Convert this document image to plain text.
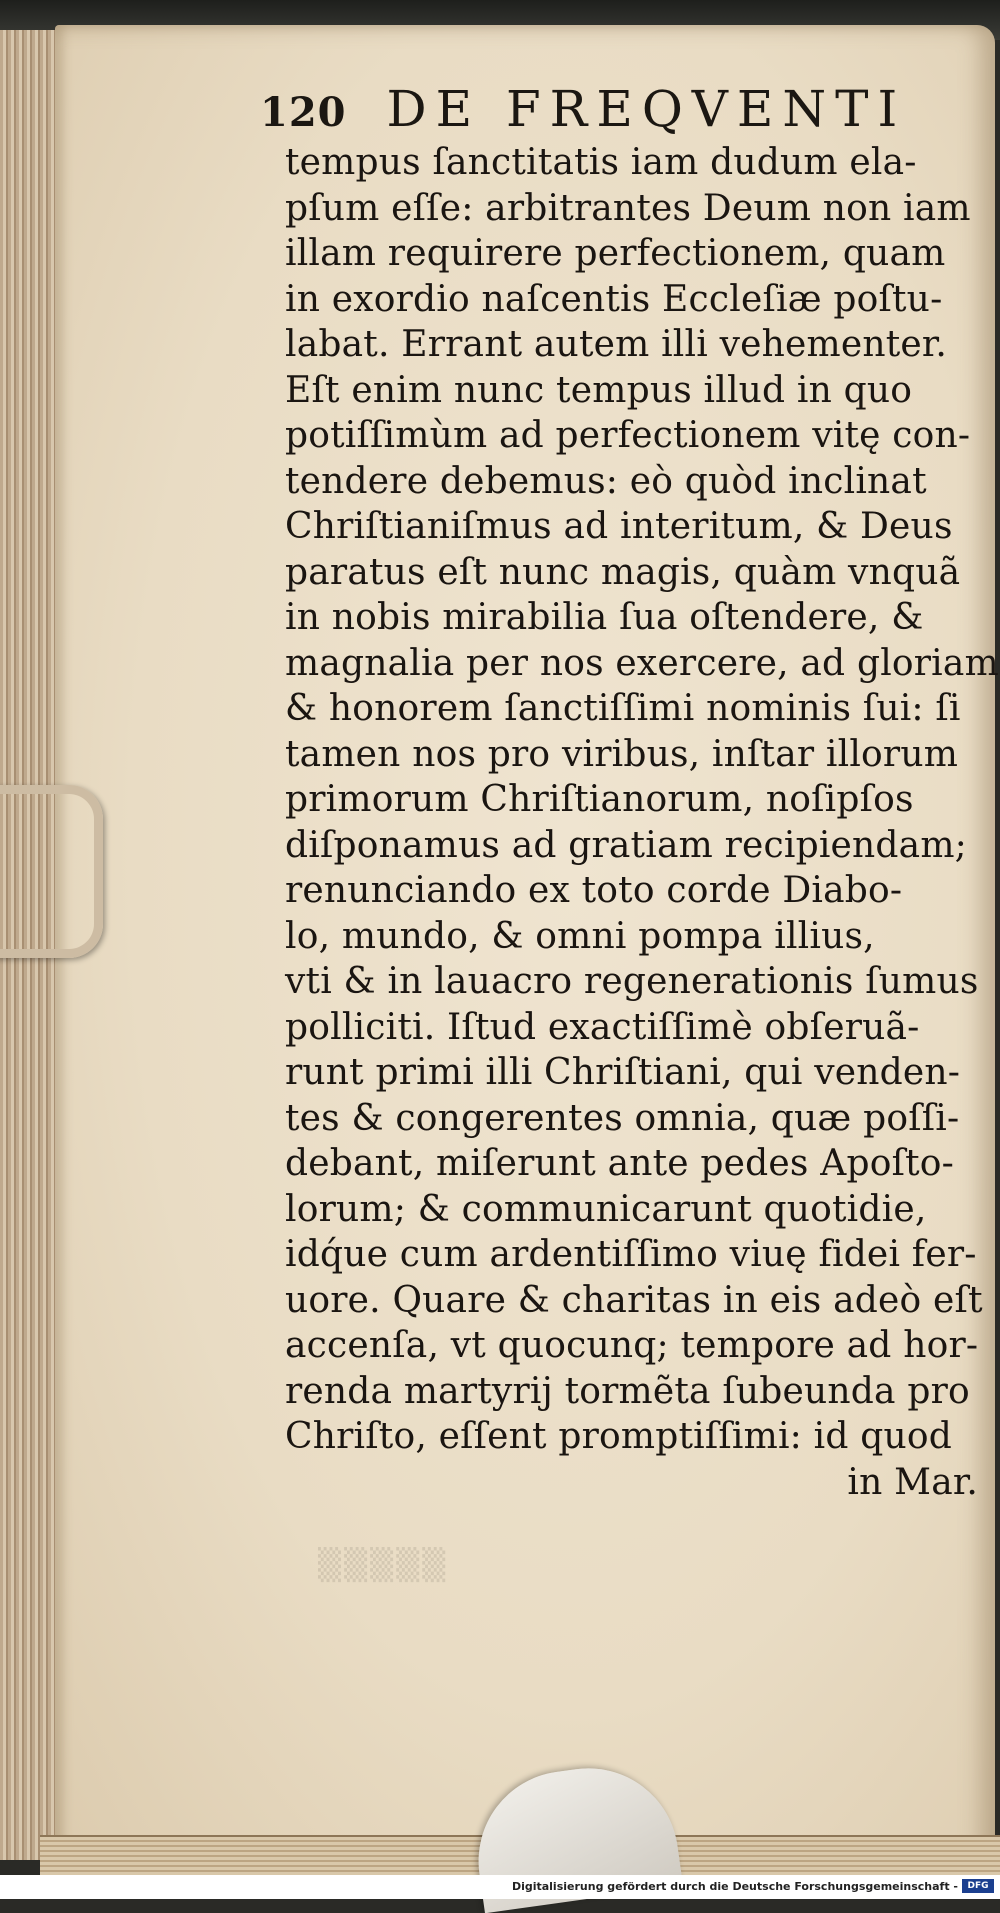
120 DE FREQVENTI
tempus ſanctitatis iam dudum ela-
pſum eſſe: arbitrantes Deum non iam
illam requirere perfectionem, quam
in exordio naſcentis Eccleſiæ poſtu-
labat. Errant autem illi vehementer.
Eſt enim nunc tempus illud in quo
potiſſimùm ad perfectionem vitę con-
tendere debemus: eò quòd inclinat
Chriſtianiſmus ad interitum, & Deus
paratus eſt nunc magis, quàm vnquã
in nobis mirabilia ſua oſtendere, &
magnalia per nos exercere, ad gloriam
& honorem ſanctiſſimi nominis ſui: ſi
tamen nos pro viribus, inſtar illorum
primorum Chriſtianorum, noſipſos
diſponamus ad gratiam recipiendam;
renunciando ex toto corde Diabo-
lo, mundo, & omni pompa illius,
vti & in lauacro regenerationis ſumus
polliciti. Iſtud exactiſſimè obſeruã-
runt primi illi Chriſtiani, qui venden-
tes & congerentes omnia, quæ poſſi-
debant, miſerunt ante pedes Apoſto-
lorum; & communicarunt quotidie,
idq́ue cum ardentiſſimo viuę fidei fer-
uore. Quare & charitas in eis adeò eſt
accenſa, vt quocunq; tempore ad hor-
renda martyrij tormẽta ſubeunda pro
Chriſto, eſſent promptiſſimi: id quod
in Mar.
▒▒▒▒▒
Digitalisierung gefördert durch die Deutsche Forschungsgemeinschaft -	DFG
